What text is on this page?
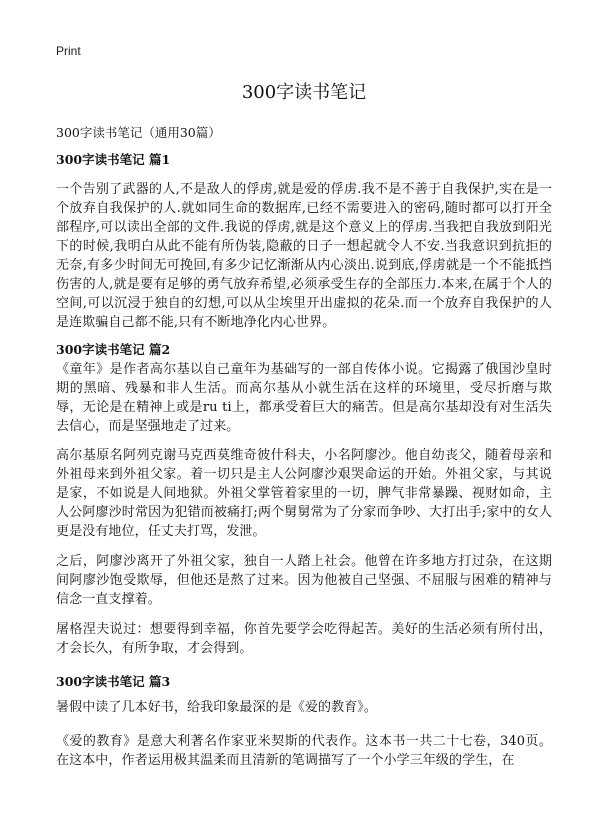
Print
300字读书笔记
300字读书笔记（通用30篇）
300字读书笔记 篇1

一个告别了武器的人,不是敌人的俘虏,就是爱的俘虏.我不是不善于自我保护,实在是一个放弃自我保护的人.就如同生命的数据库,已经不需要进入的密码,随时都可以打开全部程序,可以读出全部的文件.我说的俘虏,就是这个意义上的俘虏.当我把自我放到阳光下的时候,我明白从此不能有所伪装,隐蔽的日子一想起就令人不安.当我意识到抗拒的无奈,有多少时间无可挽回,有多少记忆渐渐从内心淡出.说到底,俘虏就是一个不能抵挡伤害的人,就是要有足够的勇气放弃希望,必须承受生存的全部压力.本来,在属于个人的空间,可以沉浸于独自的幻想,可以从尘埃里开出虚拟的花朵.而一个放弃自我保护的人是连欺骗自己都不能,只有不断地净化内心世界。

300字读书笔记 篇2

《童年》是作者高尔基以自己童年为基础写的一部自传体小说。它揭露了俄国沙皇时期的黑暗、残暴和非人生活。而高尔基从小就生活在这样的环境里，受尽折磨与欺辱，无论是在精神上或是ru ti上，都承受着巨大的痛苦。但是高尔基却没有对生活失去信心，而是坚强地走了过来。

高尔基原名阿列克谢马克西莫维奇彼什科夫，小名阿廖沙。他自幼丧父，随着母亲和外祖母来到外祖父家。着一切只是主人公阿廖沙艰哭命运的开始。外祖父家，与其说是家，不如说是人间地狱。外祖父掌管着家里的一切，脾气非常暴躁、视财如命，主人公阿廖沙时常因为犯错而被痛打;两个舅舅常为了分家而争吵、大打出手;家中的女人更是没有地位，任丈夫打骂，发泄。

之后，阿廖沙离开了外祖父家，独自一人踏上社会。他曾在许多地方打过杂，在这期间阿廖沙饱受欺辱，但他还是熬了过来。因为他被自己坚强、不屈服与困难的精神与信念一直支撑着。

屠格涅夫说过：想要得到幸福，你首先要学会吃得起苦。美好的生活必须有所付出，才会长久，有所争取，才会得到。

300字读书笔记 篇3

暑假中读了几本好书，给我印象最深的是《爱的教育》。

《爱的教育》是意大利著名作家亚米契斯的代表作。这本书一共二十七卷，340页。在这本中，作者运用极其温柔而且清新的笔调描写了一个小学三年级的学生，在
